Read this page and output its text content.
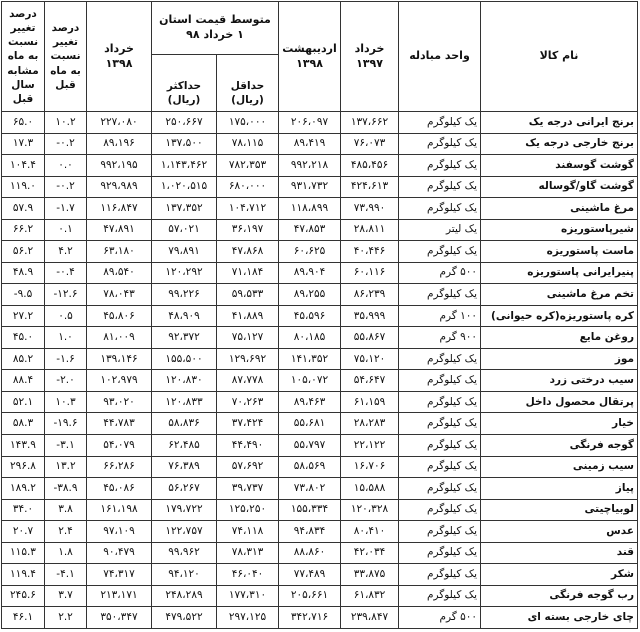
نام کالا	واحد مبادله	خرداد ۱۳۹۷	اردیبهشت ۱۳۹۸	متوسط قیمت استان ۱ خرداد ۹۸		خرداد ۱۳۹۸	درصد تغییر نسبت به ماه قبل	درصد تغییر نسبت به ماه مشابه سال قبل
				حداقل (ریال)	حداکثر (ریال)			
برنج ایرانی درجه یک	یک کیلوگرم	۱۳۷،۶۶۲	۲۰۶،۰۹۷	۱۷۵،۰۰۰	۲۵۰،۶۶۷	۲۲۷،۰۸۰	۱۰.۲	۶۵.۰
برنج خارجی درجه یک	یک کیلوگرم	۷۶،۰۷۳	۸۹،۴۱۹	۷۸،۱۱۵	۱۳۷،۵۰۰	۸۹،۱۹۶	-۰.۲	۱۷.۳
گوشت گوسفند	یک کیلوگرم	۴۸۵،۴۵۶	۹۹۲،۲۱۸	۷۸۲،۳۵۳	۱،۱۴۳،۴۶۲	۹۹۲،۱۹۵	۰.۰	۱۰۴.۴
گوشت گاو/گوساله	یک کیلوگرم	۴۲۴،۶۱۳	۹۳۱،۷۳۲	۶۸۰،۰۰۰	۱،۰۲۰،۵۱۵	۹۲۹،۹۸۹	-۰.۲	۱۱۹.۰
مرغ ماشینی	یک کیلوگرم	۷۳،۹۹۰	۱۱۸،۸۹۹	۱۰۴،۷۱۲	۱۳۷،۳۵۲	۱۱۶،۸۴۷	-۱.۷	۵۷.۹
شیرپاستوریزه	یک لیتر	۲۸،۸۱۱	۴۷،۸۵۳	۳۶،۱۹۷	۵۷،۰۲۱	۴۷،۸۹۱	۰.۱	۶۶.۲
ماست پاستوریزه	یک کیلوگرم	۴۰،۴۴۶	۶۰،۶۲۵	۴۷،۸۶۸	۷۹،۸۹۱	۶۳،۱۸۰	۴.۲	۵۶.۲
پنیرایرانی پاستوریزه	۵۰۰ گرم	۶۰،۱۱۶	۸۹،۹۰۴	۷۱،۱۸۴	۱۲۰،۲۹۲	۸۹،۵۴۰	-۰.۴	۴۸.۹
تخم مرغ ماشینی	یک کیلوگرم	۸۶،۲۳۹	۸۹،۲۵۵	۵۹،۵۳۳	۹۹،۲۲۶	۷۸،۰۴۳	-۱۲.۶	-۹.۵
کره پاستوریزه(کره حیوانی)	۱۰۰ گرم	۳۵،۹۹۹	۴۵،۵۹۶	۴۱،۸۸۹	۴۸،۹۰۹	۴۵،۸۰۶	۰.۵	۲۷.۲
روغن مایع	۹۰۰ گرم	۵۵،۸۶۷	۸۰،۱۸۵	۷۵،۱۲۷	۹۲،۳۷۲	۸۱،۰۰۹	۱.۰	۴۵.۰
موز	یک کیلوگرم	۷۵،۱۲۰	۱۴۱،۳۵۲	۱۲۹،۶۹۲	۱۵۵،۵۰۰	۱۳۹،۱۴۶	-۱.۶	۸۵.۲
سیب درختی زرد	یک کیلوگرم	۵۴،۶۴۷	۱۰۵،۰۷۲	۸۷،۷۷۸	۱۲۰،۸۳۰	۱۰۲،۹۷۹	-۲.۰	۸۸.۴
پرتقال محصول داخل	یک کیلوگرم	۶۱،۱۵۹	۸۹،۴۶۳	۷۰،۲۶۳	۱۲۰،۸۳۳	۹۳،۰۲۰	۱۰.۳	۵۲.۱
خیار	یک کیلوگرم	۲۸،۲۸۳	۵۵،۶۸۱	۳۷،۴۲۴	۵۸،۸۳۶	۴۴،۷۸۳	-۱۹.۶	۵۸.۳
گوجه فرنگی	یک کیلوگرم	۲۲،۱۲۲	۵۵،۷۹۷	۴۴،۴۹۰	۶۲،۴۸۵	۵۴،۰۷۹	-۳.۱	۱۴۳.۹
سیب زمینی	یک کیلوگرم	۱۶،۷۰۶	۵۸،۵۶۹	۵۷،۶۹۲	۷۶،۳۸۹	۶۶،۲۸۶	۱۳.۲	۲۹۶.۸
پیاز	یک کیلوگرم	۱۵،۵۸۸	۷۳،۸۰۲	۳۹،۷۳۷	۵۶،۲۶۷	۴۵،۰۸۶	-۳۸.۹	۱۸۹.۲
لوبیاچیتی	یک کیلوگرم	۱۲۰،۳۲۸	۱۵۵،۳۳۴	۱۲۵،۲۵۰	۱۷۹،۷۲۲	۱۶۱،۱۹۸	۳.۸	۳۴.۰
عدس	یک کیلوگرم	۸۰،۴۱۰	۹۴،۸۳۴	۷۴،۱۱۸	۱۲۲،۷۵۷	۹۷،۱۰۹	۲.۴	۲۰.۷
قند	یک کیلوگرم	۴۲،۰۳۴	۸۸،۸۶۰	۷۸،۳۱۳	۹۹،۹۶۲	۹۰،۴۷۹	۱.۸	۱۱۵.۳
شکر	یک کیلوگرم	۳۳،۸۷۵	۷۷،۴۸۹	۴۶،۰۴۰	۹۴،۱۲۰	۷۴،۳۱۷	-۴.۱	۱۱۹.۴
رب گوجه فرنگی	یک کیلوگرم	۶۱،۸۳۲	۲۰۵،۶۶۱	۱۷۷،۳۱۰	۲۴۸،۲۸۹	۲۱۳،۱۷۱	۳.۷	۲۴۵.۶
چای خارجی بسته ای	۵۰۰ گرم	۲۳۹،۸۴۷	۳۴۲،۷۱۶	۲۹۷،۱۲۵	۴۷۹،۵۲۲	۳۵۰،۳۴۷	۲.۲	۴۶.۱
